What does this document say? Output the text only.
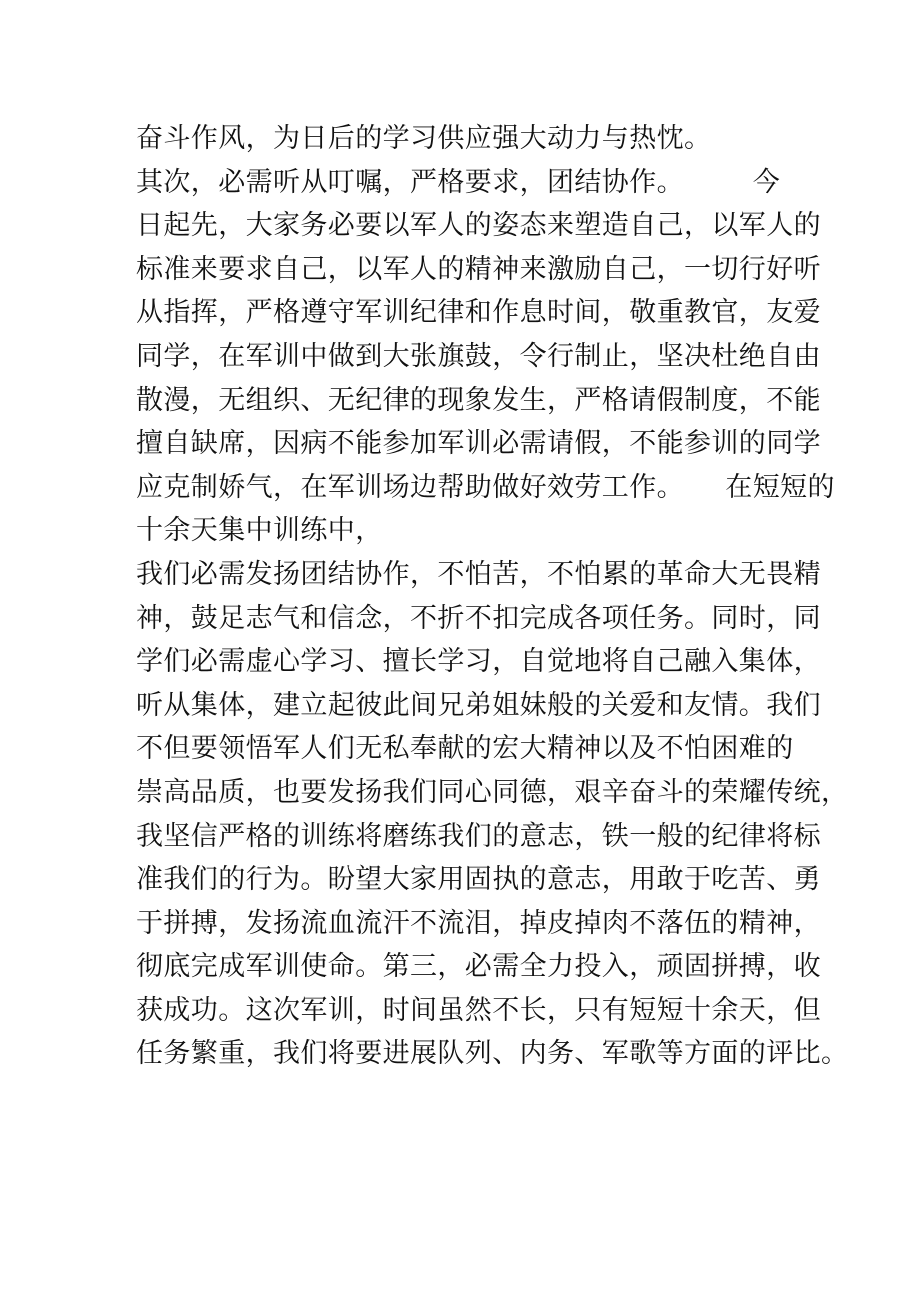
奋斗作风，为日后的学习供应强大动力与热忱。
其次，必需听从叮嘱，严格要求，团结协作。　　　今
日起先，大家务必要以军人的姿态来塑造自己，以军人的
标准来要求自己，以军人的精神来激励自己，一切行好听
从指挥，严格遵守军训纪律和作息时间，敬重教官，友爱
同学，在军训中做到大张旗鼓，令行制止，坚决杜绝自由
散漫，无组织、无纪律的现象发生，严格请假制度，不能
擅自缺席，因病不能参加军训必需请假，不能参训的同学
应克制娇气，在军训场边帮助做好效劳工作。　　在短短的
十余天集中训练中，
我们必需发扬团结协作，不怕苦，不怕累的革命大无畏精
神，鼓足志气和信念，不折不扣完成各项任务。同时，同
学们必需虚心学习、擅长学习，自觉地将自己融入集体，
听从集体，建立起彼此间兄弟姐妹般的关爱和友情。我们
不但要领悟军人们无私奉献的宏大精神以及不怕困难的
崇高品质，也要发扬我们同心同德，艰辛奋斗的荣耀传统，
我坚信严格的训练将磨练我们的意志，铁一般的纪律将标
准我们的行为。盼望大家用固执的意志，用敢于吃苦、勇
于拼搏，发扬流血流汗不流泪，掉皮掉肉不落伍的精神，
彻底完成军训使命。第三，必需全力投入，顽固拼搏，收
获成功。这次军训，时间虽然不长，只有短短十余天，但
任务繁重，我们将要进展队列、内务、军歌等方面的评比。
